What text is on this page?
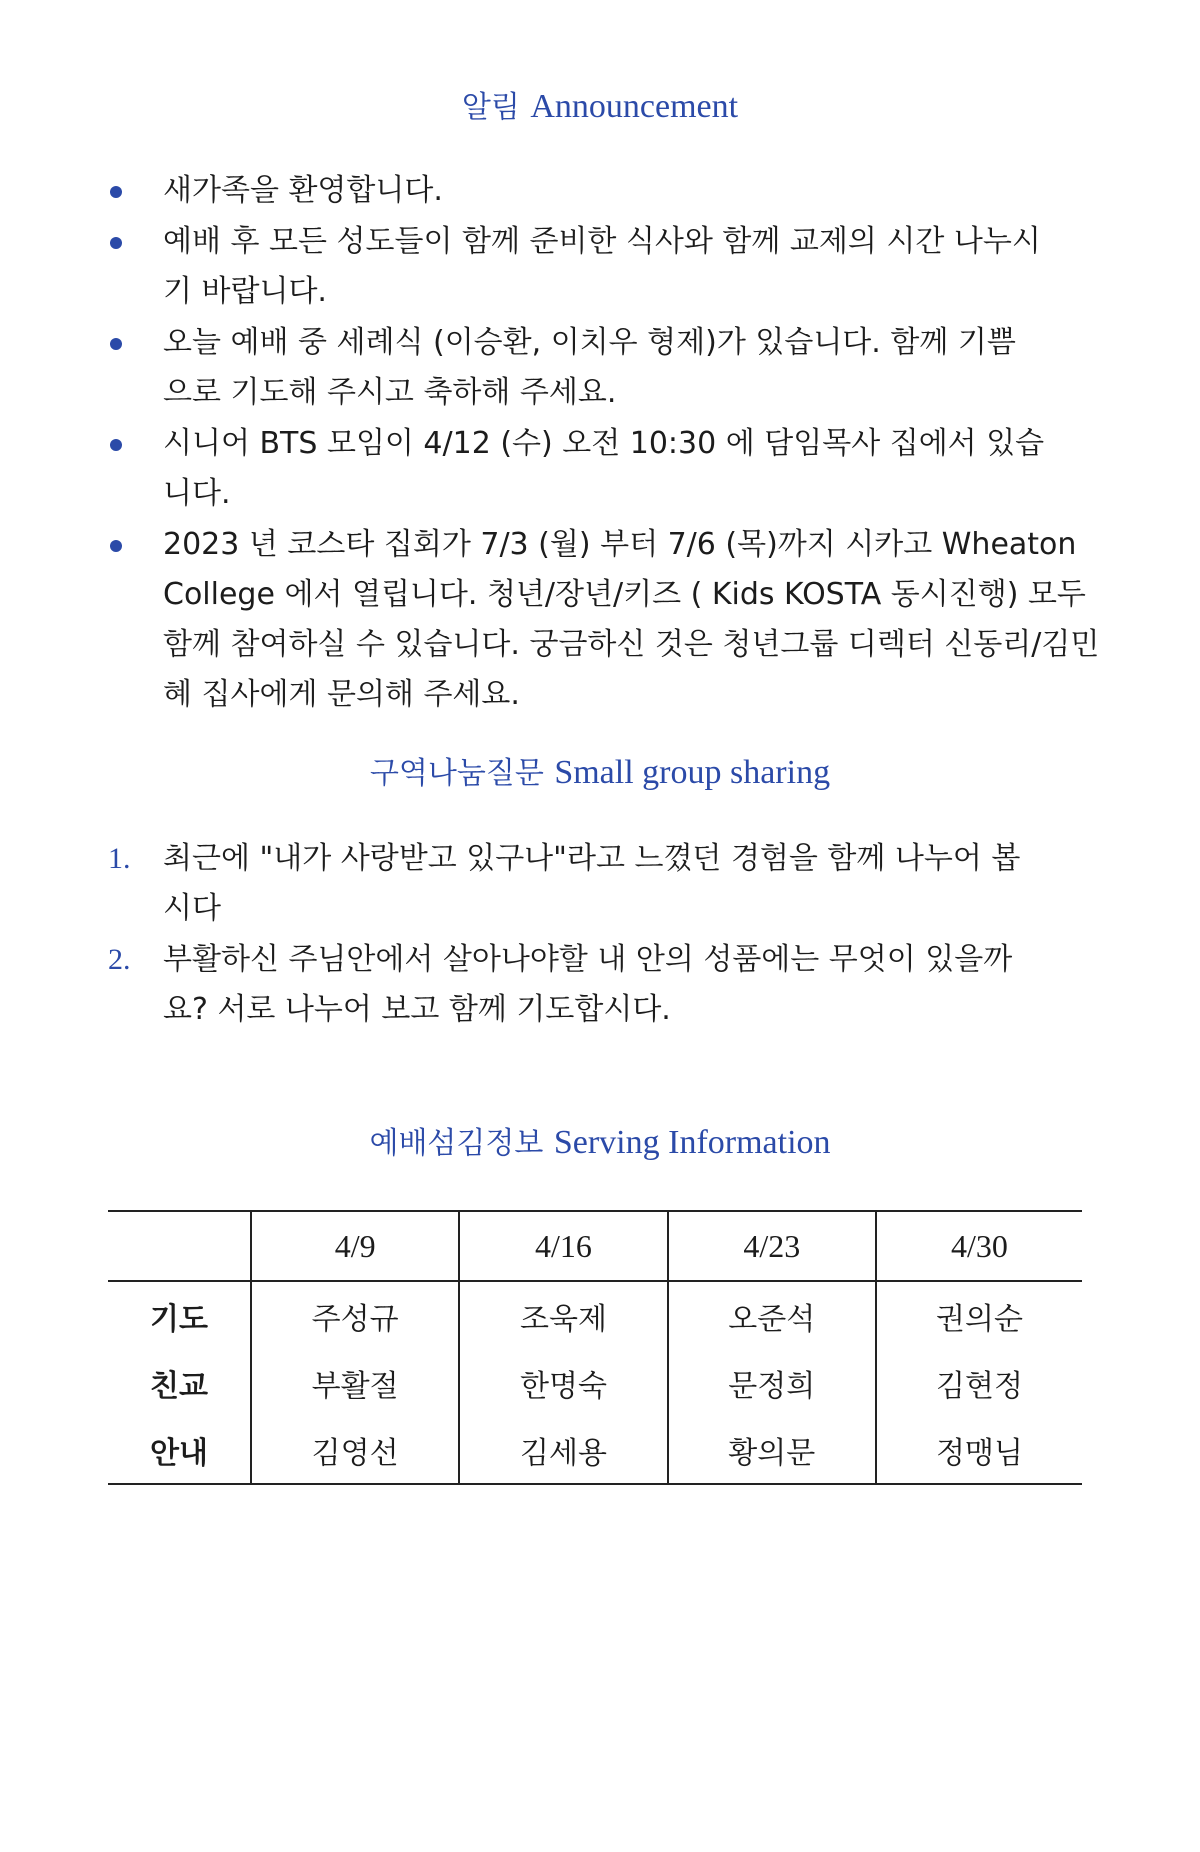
알림 Announcement
새가족을 환영합니다.
예배 후 모든 성도들이 함께 준비한 식사와 함께 교제의 시간 나누시기 바랍니다.
오늘 예배 중 세례식 (이승환, 이치우 형제)가 있습니다. 함께 기쁨으로 기도해 주시고 축하해 주세요.
시니어 BTS 모임이 4/12 (수) 오전 10:30 에 담임목사 집에서 있습니다.
2023 년 코스타 집회가 7/3 (월) 부터 7/6 (목)까지 시카고 Wheaton College 에서 열립니다. 청년/장년/키즈 ( Kids KOSTA 동시진행) 모두 함께 참여하실 수 있습니다. 궁금하신 것은 청년그룹 디렉터 신동리/김민혜 집사에게 문의해 주세요.
구역나눔질문 Small group sharing
1. 최근에 "내가 사랑받고 있구나"라고 느꼈던 경험을 함께 나누어 봅시다
2. 부활하신 주님안에서 살아나야할 내 안의 성품에는 무엇이 있을까요? 서로 나누어 보고 함께 기도합시다.
예배섬김정보 Serving Information
	4/9	4/16	4/23	4/30
기도	주성규	조욱제	오준석	권의순
친교	부활절	한명숙	문정희	김현정
안내	김영선	김세용	황의문	정맹님
